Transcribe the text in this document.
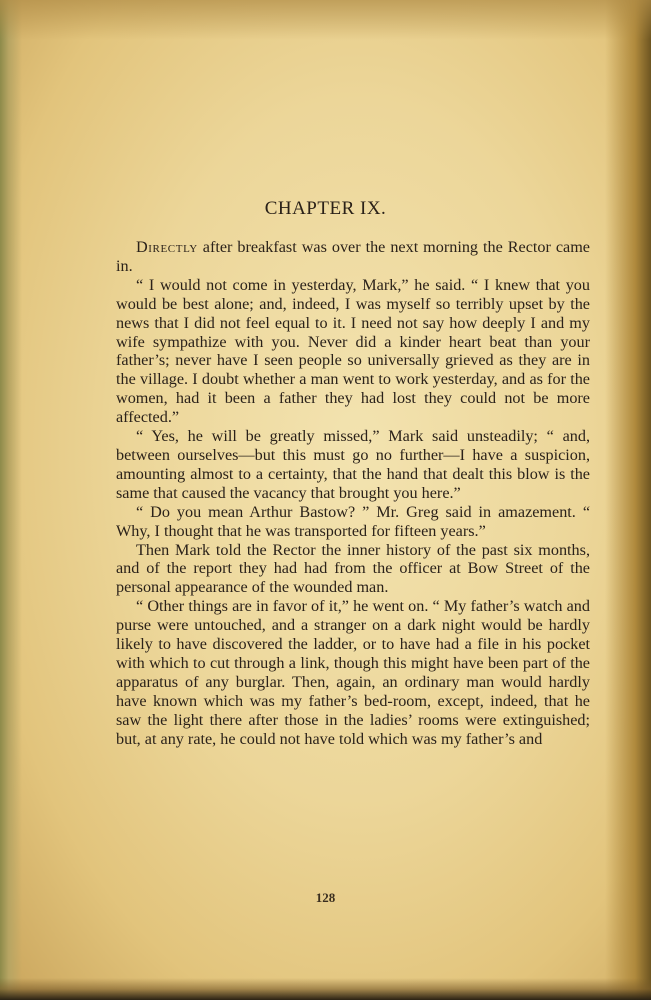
CHAPTER IX.

Directly after breakfast was over the next morning the Rector came in.

“ I would not come in yesterday, Mark,” he said. “ I knew that you would be best alone; and, indeed, I was myself so terribly upset by the news that I did not feel equal to it. I need not say how deeply I and my wife sympathize with you. Never did a kinder heart beat than your father’s; never have I seen people so universally grieved as they are in the village. I doubt whether a man went to work yesterday, and as for the women, had it been a father they had lost they could not be more affected.”

“ Yes, he will be greatly missed,” Mark said unsteadily; “ and, between ourselves—but this must go no further—I have a suspicion, amounting almost to a certainty, that the hand that dealt this blow is the same that caused the vacancy that brought you here.”

“ Do you mean Arthur Bastow? ” Mr. Greg said in amazement. “ Why, I thought that he was transported for fifteen years.”

Then Mark told the Rector the inner history of the past six months, and of the report they had had from the officer at Bow Street of the personal appearance of the wounded man.

“ Other things are in favor of it,” he went on. “ My father’s watch and purse were untouched, and a stranger on a dark night would be hardly likely to have discovered the ladder, or to have had a file in his pocket with which to cut through a link, though this might have been part of the apparatus of any burglar. Then, again, an ordinary man would hardly have known which was my father’s bed-room, except, indeed, that he saw the light there after those in the ladies’ rooms were extinguished; but, at any rate, he could not have told which was my father’s and

128
